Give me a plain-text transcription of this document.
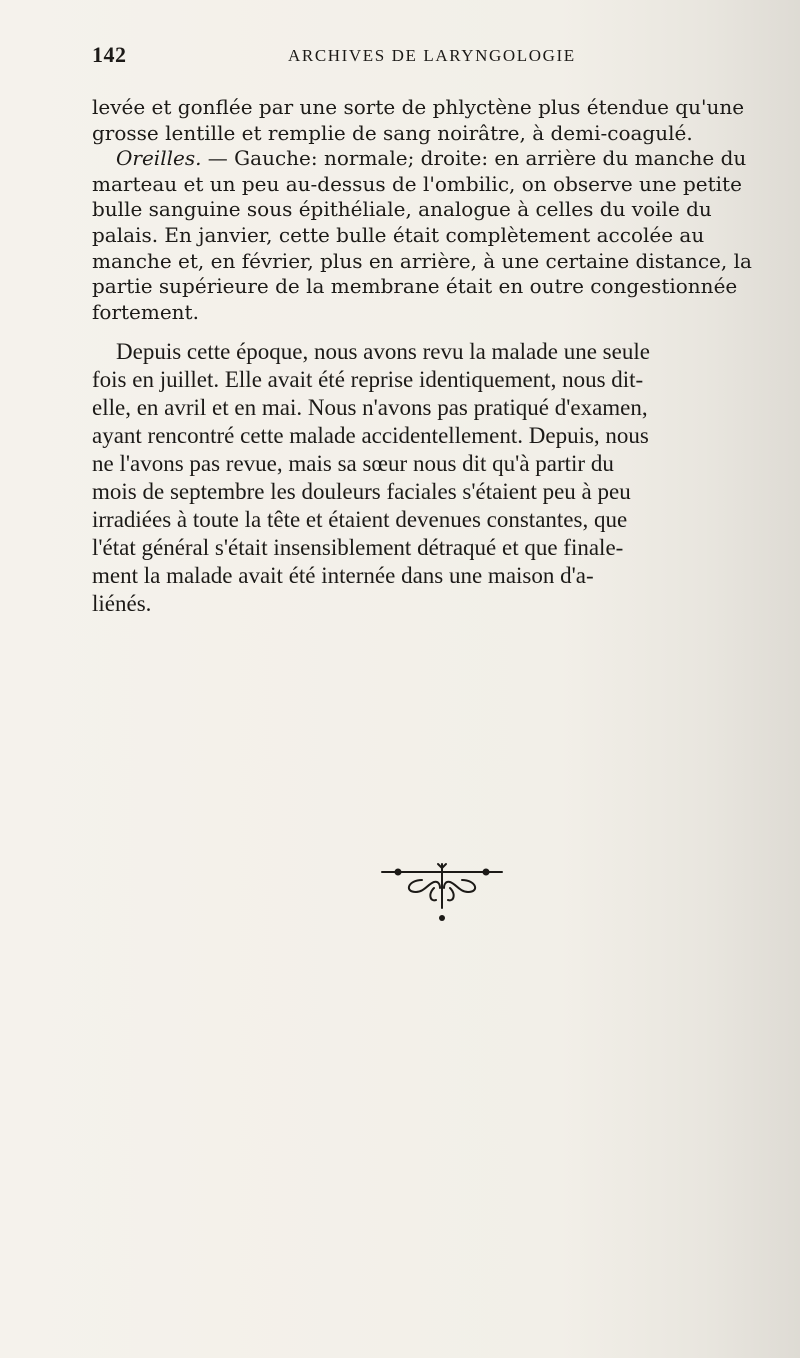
142	ARCHIVES DE LARYNGOLOGIE
levée et gonflée par une sorte de phlyctène plus étendue qu'une
grosse lentille et remplie de sang noirâtre, à demi-coagulé.
Oreilles. — Gauche: normale; droite: en arrière du manche du
marteau et un peu au-dessus de l'ombilic, on observe une petite
bulle sanguine sous épithéliale, analogue à celles du voile du
palais. En janvier, cette bulle était complètement accolée au
manche et, en février, plus en arrière, à une certaine distance, la
partie supérieure de la membrane était en outre congestionnée
fortement.
Depuis cette époque, nous avons revu la malade une seule
fois en juillet. Elle avait été reprise identiquement, nous dit-
elle, en avril et en mai. Nous n'avons pas pratiqué d'examen,
ayant rencontré cette malade accidentellement. Depuis, nous
ne l'avons pas revue, mais sa sœur nous dit qu'à partir du
mois de septembre les douleurs faciales s'étaient peu à peu
irradiées à toute la tête et étaient devenues constantes, que
l'état général s'était insensiblement détraqué et que finale-
ment la malade avait été internée dans une maison d'a-
liénés.
